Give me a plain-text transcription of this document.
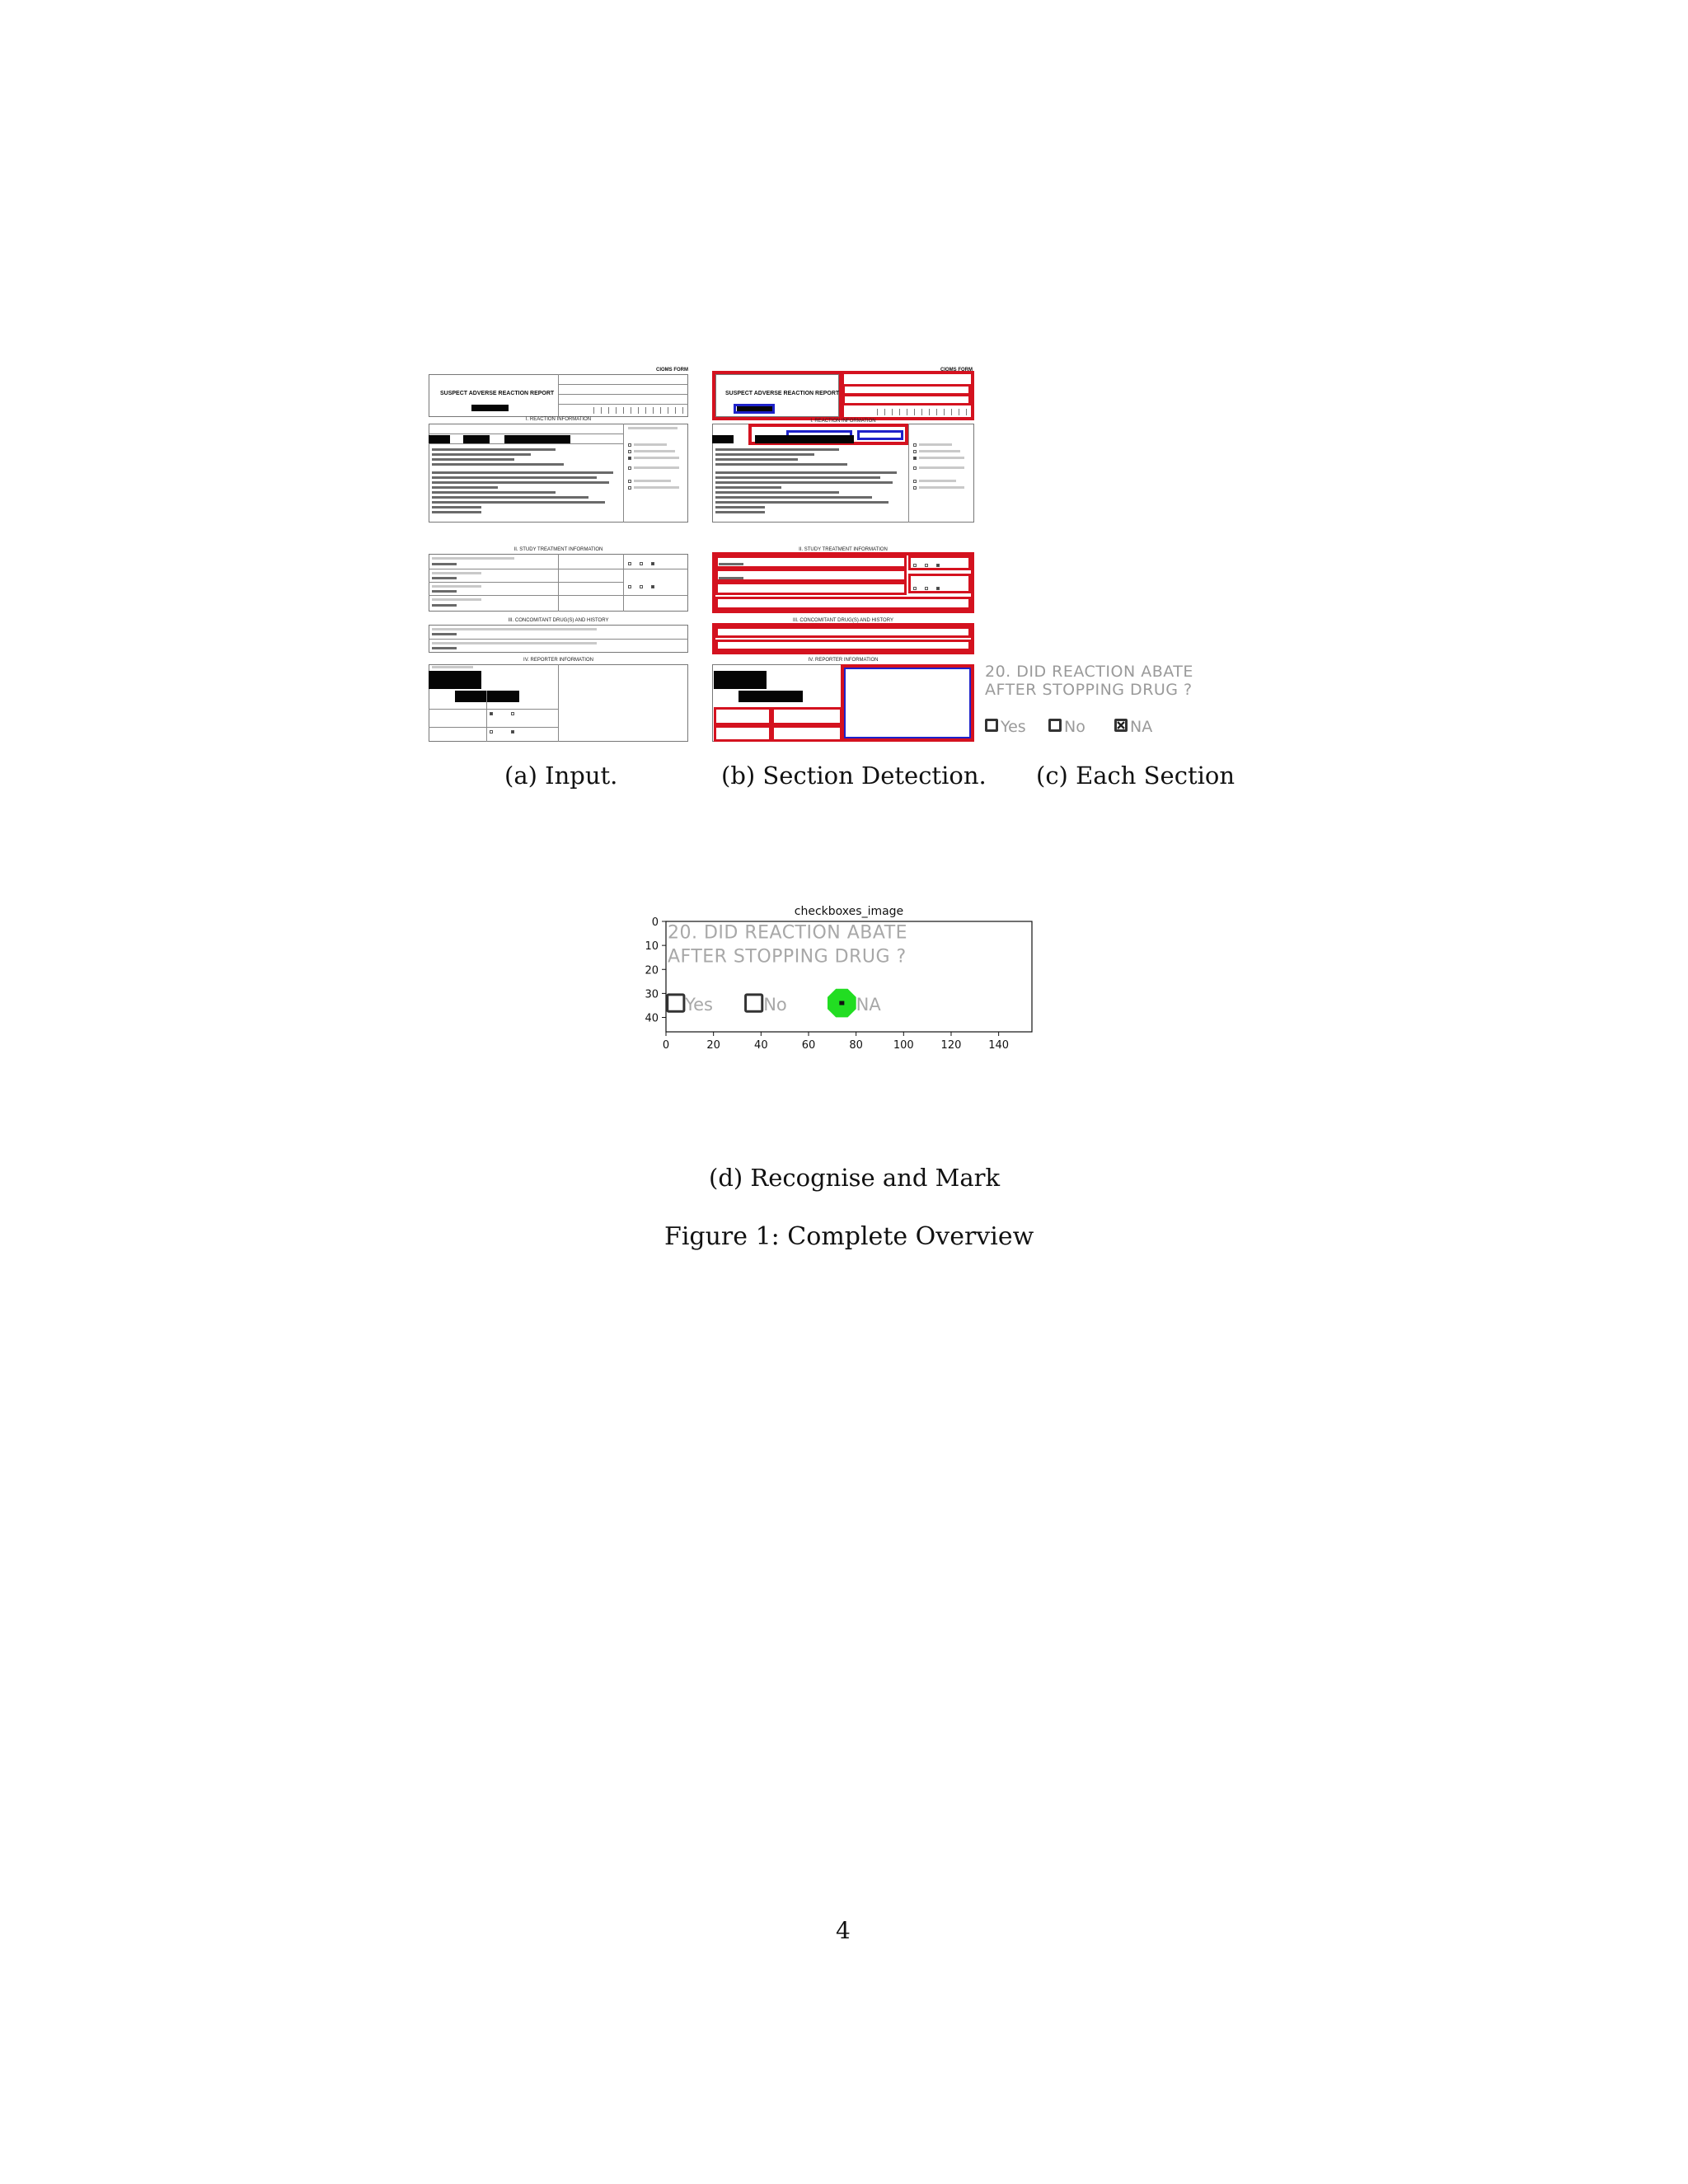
CIOMS FORM
SUSPECT ADVERSE REACTION REPORT
I. REACTION INFORMATION
II. STUDY TREATMENT INFORMATION
III. CONCOMITANT DRUG(S) AND HISTORY
IV. REPORTER INFORMATION
(a) Input.
CIOMS FORM
SUSPECT ADVERSE REACTION REPORT
I. REACTION INFORMATION
II. STUDY TREATMENT INFORMATION
III. CONCOMITANT DRUG(S) AND HISTORY
IV. REPORTER INFORMATION
(b) Section Detection.
20. DID REACTION ABATE
AFTER STOPPING DRUG ?
Yes No	NA
(c) Each Section
checkboxes_image
20. DID REACTION ABATE
AFTER STOPPING DRUG ?
Yes	No	NA
0	20	40	60	80	100	120	140
0
10
20
30
40
(d) Recognise and Mark
Figure 1: Complete Overview
4
